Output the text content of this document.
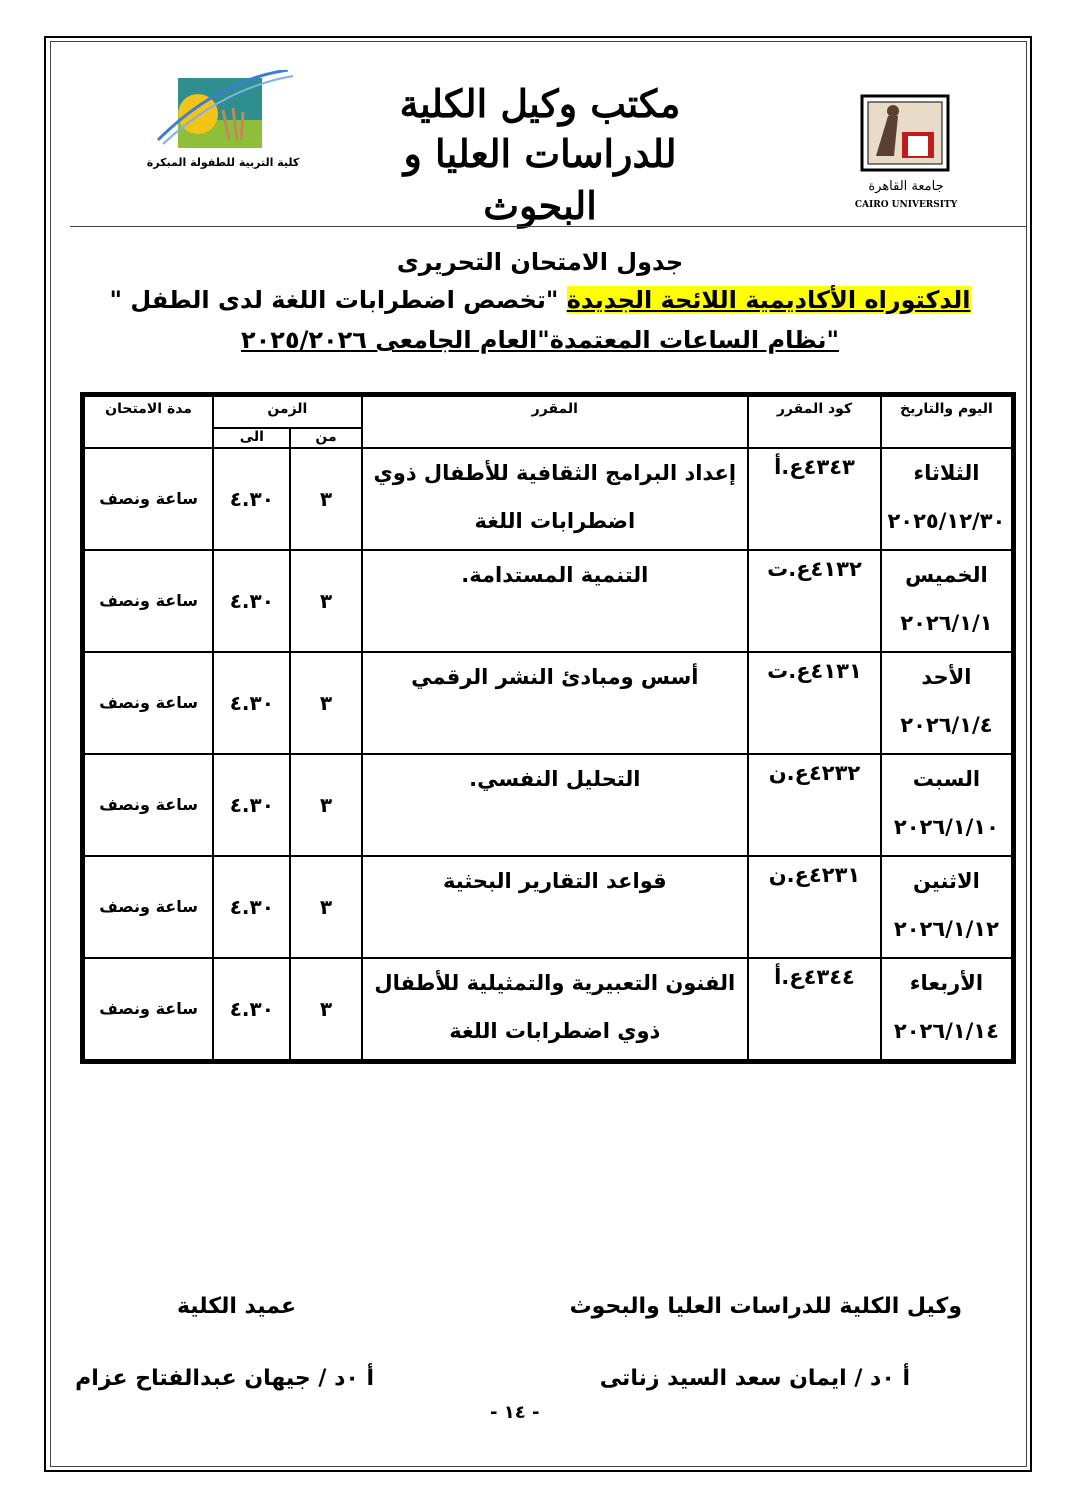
كلية التربية للطفولة المبكرة
جامعة القاهرة
CAIRO UNIVERSITY
مكتب وكيل الكلية
للدراسات العليا و البحوث
جدول الامتحان التحريرى
الدكتوراه الأكاديمية اللائحة الجديدة "تخصص اضطرابات اللغة لدى الطفل "
"نظام الساعات المعتمدة"العام الجامعى ٢٠٢٥/٢٠٢٦
اليوم والتاريخ	كود المقرر	المقرر	الزمن		مدة الامتحان
			من	الى	

الثلاثاء
٢٠٢٥/١٢/٣٠	٤٣٤٣ع.أ	إعداد البرامج الثقافية للأطفال ذوي اضطرابات اللغة	٣	٤.٣٠	ساعة ونصف

الخميس
٢٠٢٦/١/١	٤١٣٢ع.ت	التنمية المستدامة.	٣	٤.٣٠	ساعة ونصف

الأحد
٢٠٢٦/١/٤	٤١٣١ع.ت	أسس ومبادئ النشر الرقمي	٣	٤.٣٠	ساعة ونصف

السبت
٢٠٢٦/١/١٠	٤٢٣٢ع.ن	التحليل النفسي.	٣	٤.٣٠	ساعة ونصف

الاثنين
٢٠٢٦/١/١٢	٤٢٣١ع.ن	قواعد التقارير البحثية	٣	٤.٣٠	ساعة ونصف

الأربعاء
٢٠٢٦/١/١٤	٤٣٤٤ع.أ	الفنون التعبيرية والتمثيلية للأطفال ذوي اضطرابات اللغة	٣	٤.٣٠	ساعة ونصف
وكيل الكلية للدراسات العليا والبحوث
أ ٠د / ايمان سعد السيد زناتى
عميد الكلية
أ ٠د / جيهان عبدالفتاح عزام
- ١٤ -
